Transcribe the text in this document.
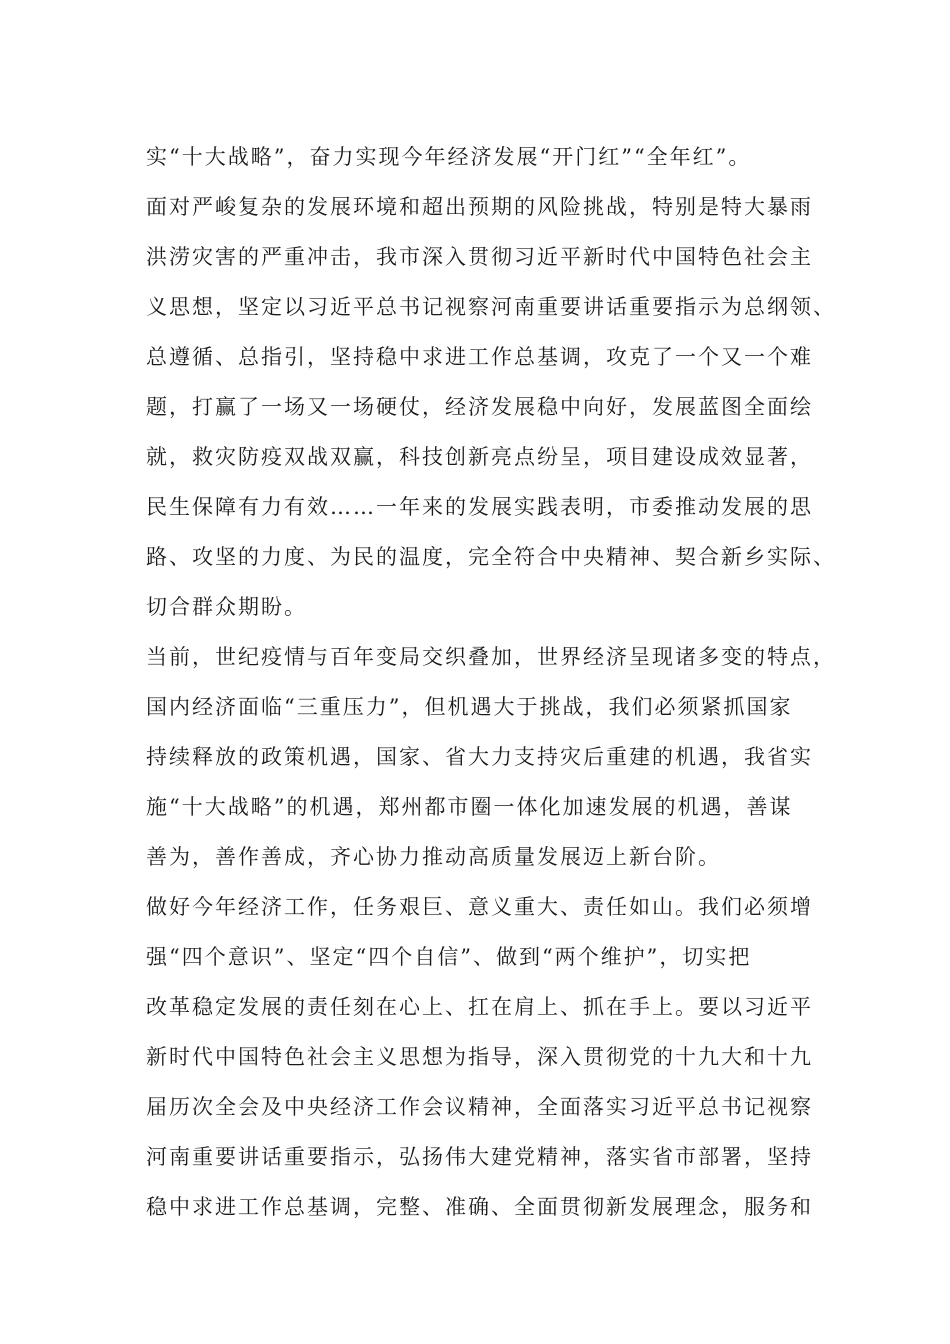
实“十大战略”，奋力实现今年经济发展“开门红”“全年红”。
面对严峻复杂的发展环境和超出预期的风险挑战，特别是特大暴雨
洪涝灾害的严重冲击，我市深入贯彻习近平新时代中国特色社会主
义思想，坚定以习近平总书记视察河南重要讲话重要指示为总纲领、
总遵循、总指引，坚持稳中求进工作总基调，攻克了一个又一个难
题，打赢了一场又一场硬仗，经济发展稳中向好，发展蓝图全面绘
就，救灾防疫双战双赢，科技创新亮点纷呈，项目建设成效显著，
民生保障有力有效……一年来的发展实践表明，市委推动发展的思
路、攻坚的力度、为民的温度，完全符合中央精神、契合新乡实际、
切合群众期盼。
当前，世纪疫情与百年变局交织叠加，世界经济呈现诸多变的特点，
国内经济面临“三重压力”，但机遇大于挑战，我们必须紧抓国家
持续释放的政策机遇，国家、省大力支持灾后重建的机遇，我省实
施“十大战略”的机遇，郑州都市圈一体化加速发展的机遇，善谋
善为，善作善成，齐心协力推动高质量发展迈上新台阶。
做好今年经济工作，任务艰巨、意义重大、责任如山。我们必须增
强“四个意识”、坚定“四个自信”、做到“两个维护”，切实把
改革稳定发展的责任刻在心上、扛在肩上、抓在手上。要以习近平
新时代中国特色社会主义思想为指导，深入贯彻党的十九大和十九
届历次全会及中央经济工作会议精神，全面落实习近平总书记视察
河南重要讲话重要指示，弘扬伟大建党精神，落实省市部署，坚持
稳中求进工作总基调，完整、准确、全面贯彻新发展理念，服务和
